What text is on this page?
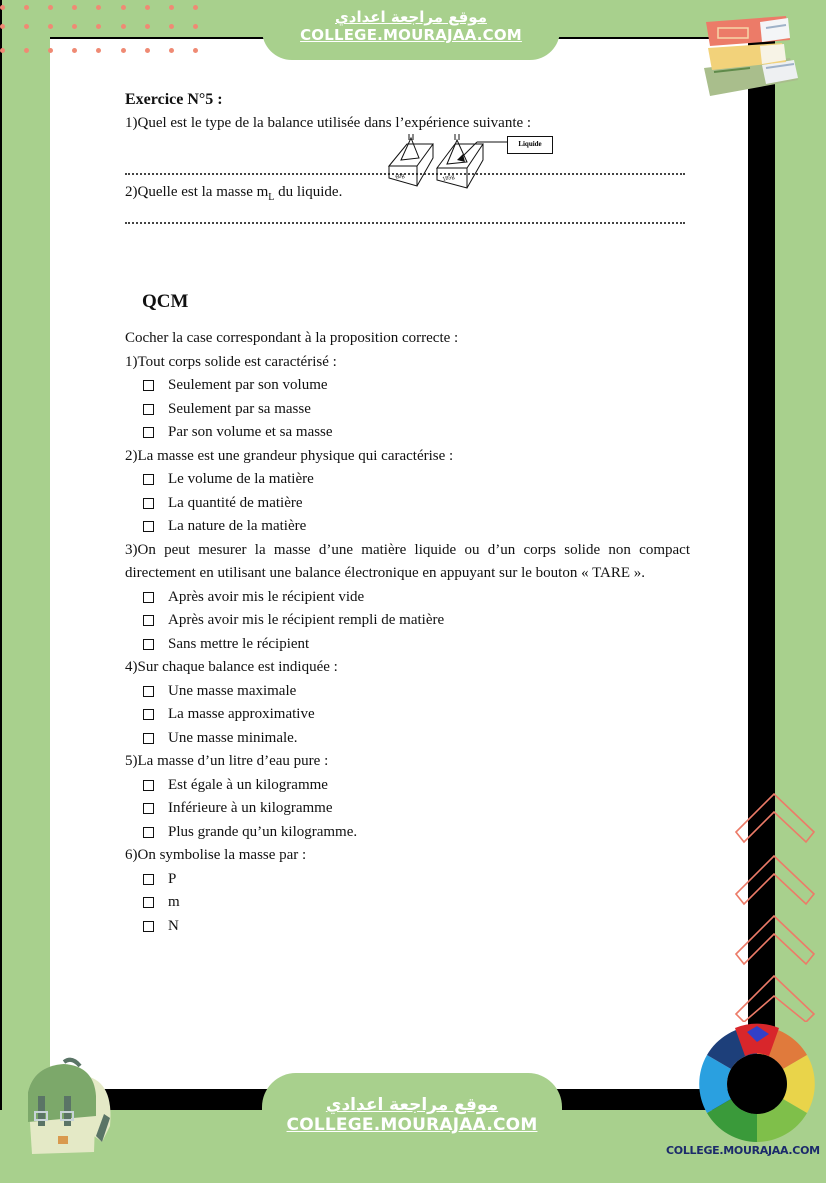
موقع مراجعة اعدادي
COLLEGE.MOURAJAA.COM
Exercice N°5 :
1)Quel est le type de la balance utilisée dans l’expérience suivante :
2)Quelle est la masse $m_L$ du liquide.
QCM
Cocher la case correspondant à la proposition correcte :
1)Tout corps solide est caractérisé :
Seulement par son volume
Seulement par sa masse
Par son volume et sa masse
2)La masse est une grandeur physique qui caractérise :
Le volume de la matière
La quantité de matière
La nature de la matière
3)On peut mesurer la masse d’une matière liquide ou d’un corps solide non compact directement en utilisant une balance électronique en appuyant sur le bouton « TARE ».
Après avoir mis le récipient vide
Après avoir mis le récipient rempli de matière
Sans mettre le récipient
4)Sur chaque balance est indiquée :
Une masse maximale
La masse approximative
Une masse minimale.
5)La masse d’un litre d’eau pure :
Est égale à un kilogramme
Inférieure à un kilogramme
Plus grande qu’un kilogramme.
6)On symbolise la masse par :
P
m
N
60g	185g
Liquide
موقع مراجعة اعدادي
COLLEGE.MOURAJAA.COM
COLLEGE.MOURAJAA.COM
